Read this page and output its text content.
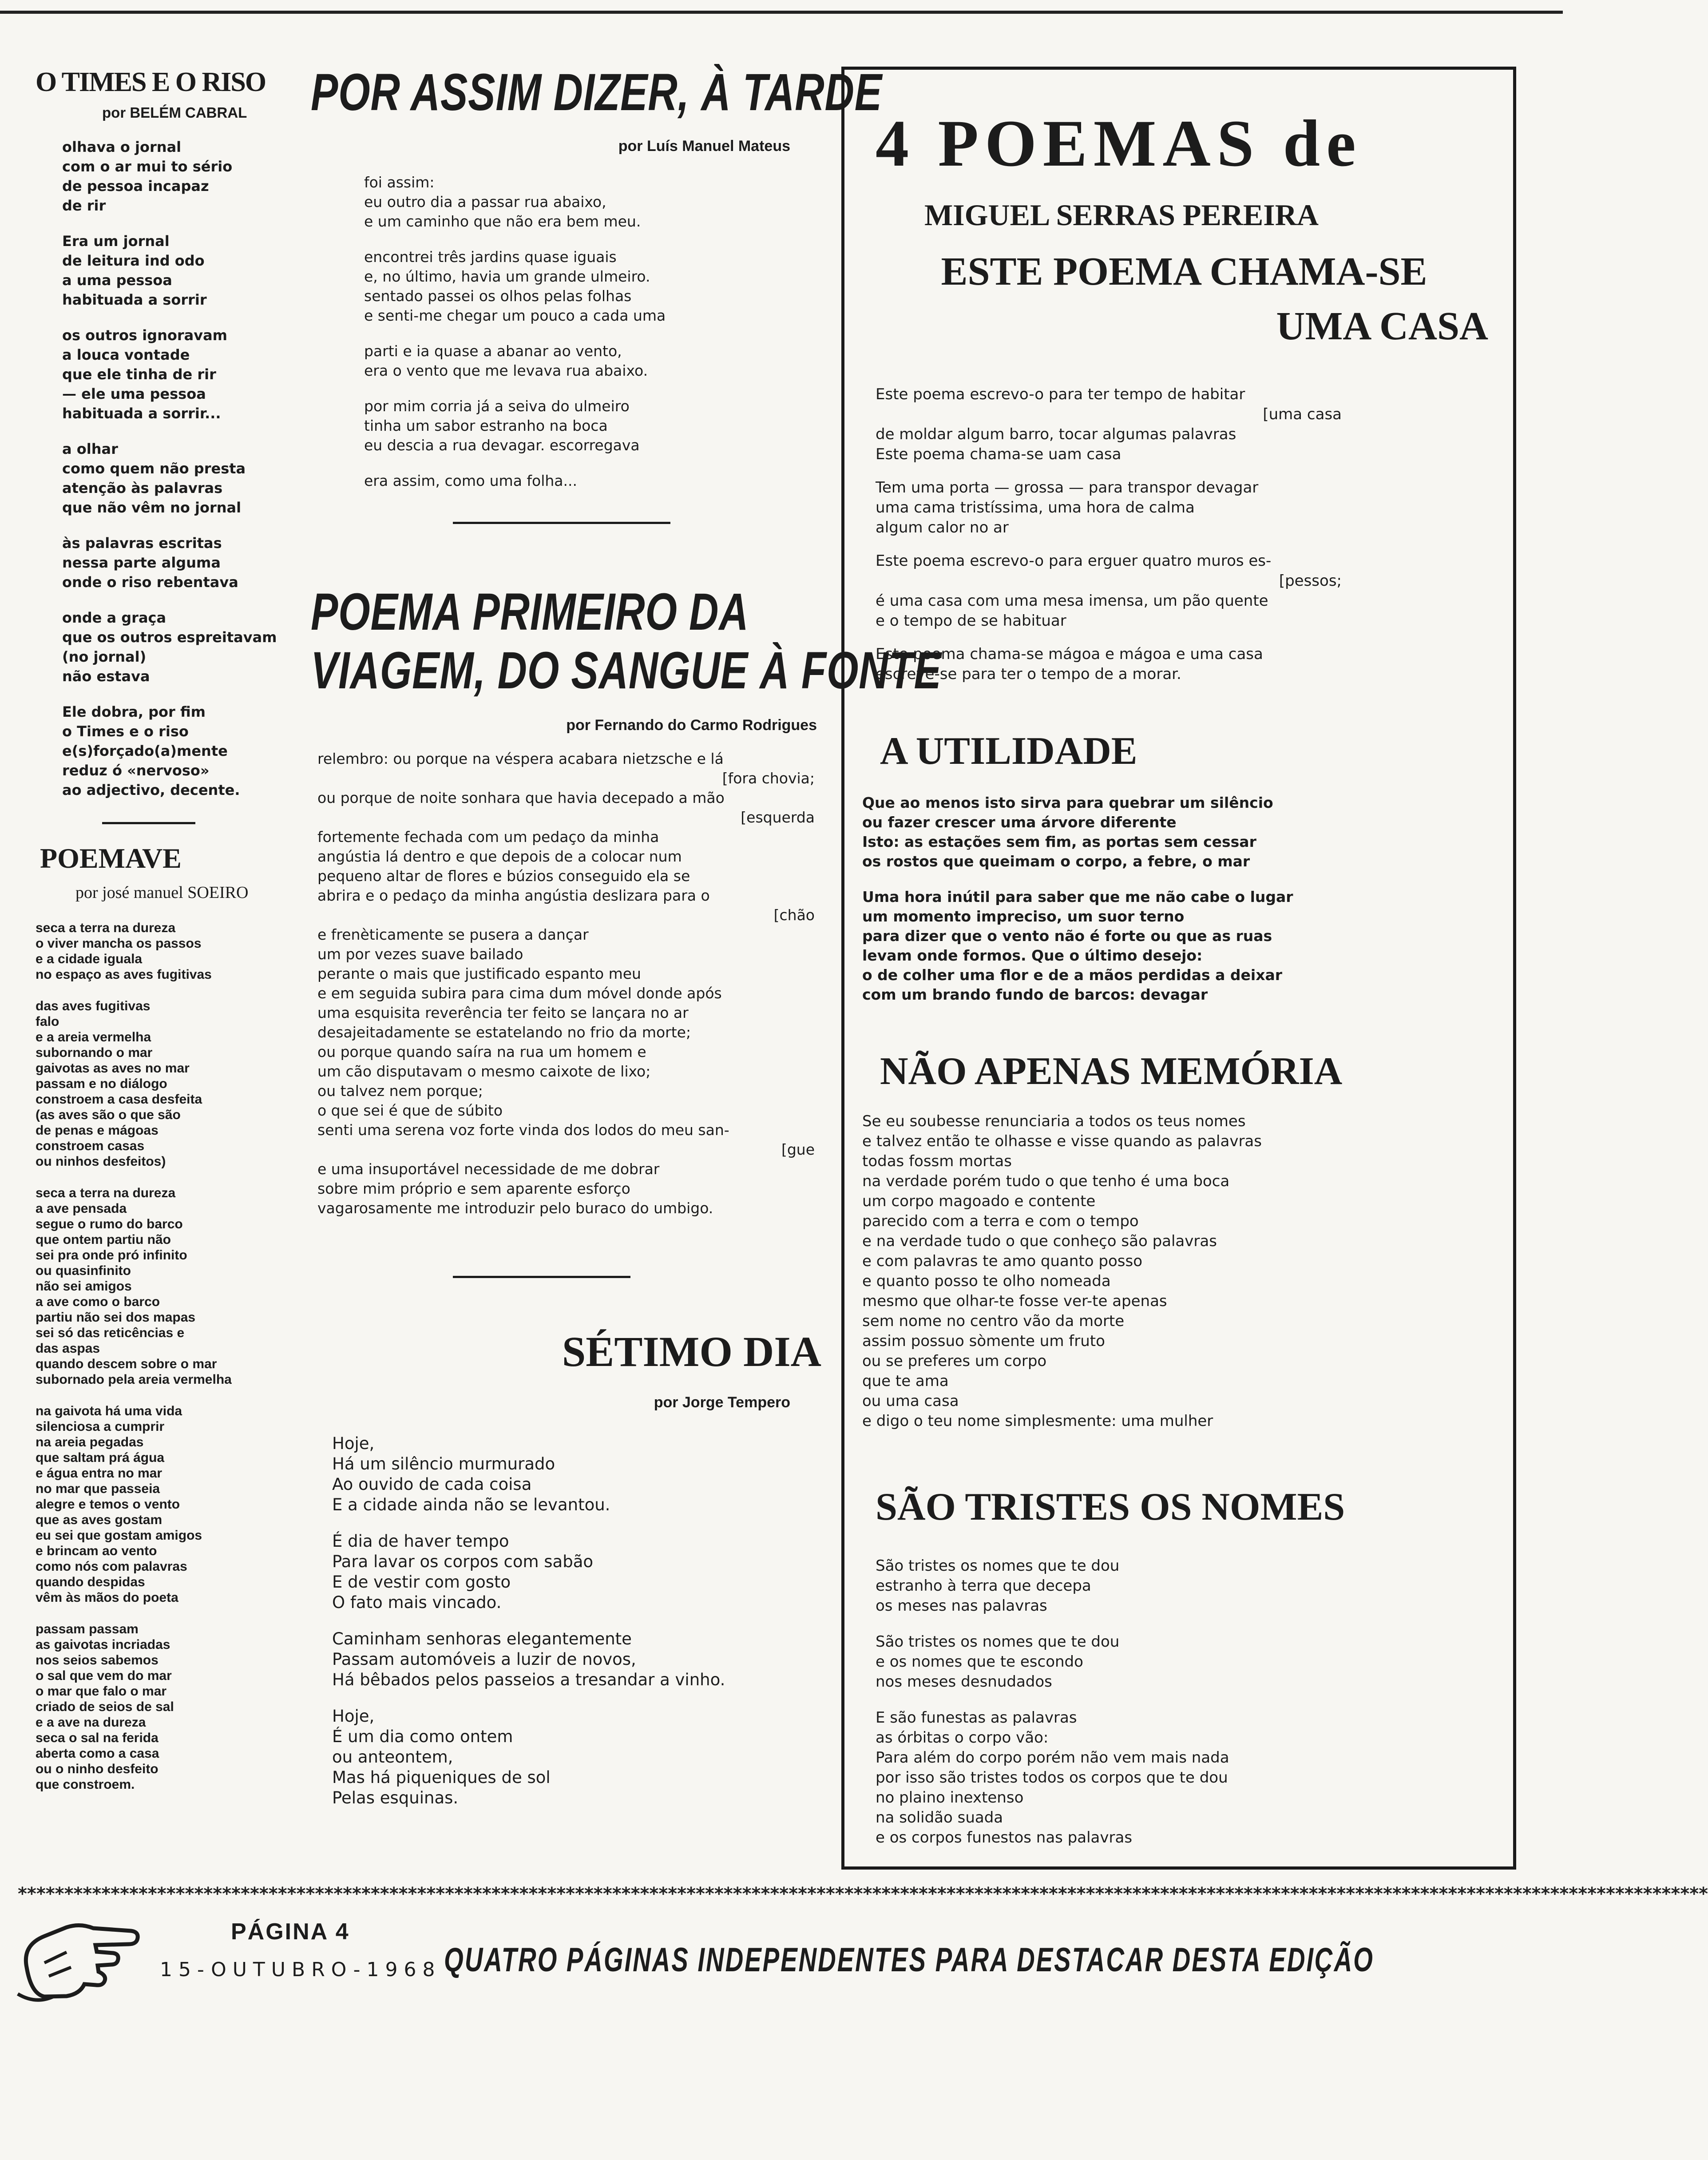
O TIMES E O RISO

por BELÉM CABRAL

olhava o jornal
com o ar mui to sério
de pessoa incapaz
de rir
Era um jornal
de leitura ind odo
a uma pessoa
habituada a sorrir
os outros ignoravam
a louca vontade
que ele tinha de rir
— ele uma pessoa
habituada a sorrir...
a olhar
como quem não presta
atenção às palavras
que não vêm no jornal
às palavras escritas
nessa parte alguma
onde o riso rebentava
onde a graça
que os outros espreitavam
(no jornal)
não estava
Ele dobra, por fim
o Times e o riso
e(s)forçado(a)mente
reduz ó «nervoso»
ao adjectivo, decente.
POEMAVE

por josé manuel SOEIRO

seca a terra na dureza
o viver mancha os passos
e a cidade iguala
no espaço as aves fugitivas
das aves fugitivas
falo
e a areia vermelha
subornando o mar
gaivotas as aves no mar
passam e no diálogo
constroem a casa desfeita
(as aves são o que são
de penas e mágoas
constroem casas
ou ninhos desfeitos)
seca a terra na dureza
a ave pensada
segue o rumo do barco
que ontem partiu não
sei pra onde pró infinito
ou quasinfinito
não sei amigos
a ave como o barco
partiu não sei dos mapas
sei só das reticências e
das aspas
quando descem sobre o mar
subornado pela areia vermelha
na gaivota há uma vida
silenciosa a cumprir
na areia pegadas
que saltam prá água
e água entra no mar
no mar que passeia
alegre e temos o vento
que as aves gostam
eu sei que gostam amigos
e brincam ao vento
como nós com palavras
quando despidas
vêm às mãos do poeta
passam passam
as gaivotas incriadas
nos seios sabemos
o sal que vem do mar
o mar que falo o mar
criado de seios de sal
e a ave na dureza
seca o sal na ferida
aberta como a casa
ou o ninho desfeito
que constroem.
POR ASSIM DIZER, À TARDE

por Luís Manuel Mateus

foi assim:
eu outro dia a passar rua abaixo,
e um caminho que não era bem meu.
encontrei três jardins quase iguais
e, no último, havia um grande ulmeiro.
sentado passei os olhos pelas folhas
e senti-me chegar um pouco a cada uma
parti e ia quase a abanar ao vento,
era o vento que me levava rua abaixo.
por mim corria já a seiva do ulmeiro
tinha um sabor estranho na boca
eu descia a rua devagar. escorregava
era assim, como uma folha...
POEMA PRIMEIRO DA
VIAGEM, DO SANGUE À FONTE

por Fernando do Carmo Rodrigues

relembro: ou porque na véspera acabara nietzsche e lá
[fora chovia;
ou porque de noite sonhara que havia decepado a mão
[esquerda
fortemente fechada com um pedaço da minha
angústia lá dentro e que depois de a colocar num
pequeno altar de flores e búzios conseguido ela se
abrira e o pedaço da minha angústia deslizara para o
[chão
e frenèticamente se pusera a dançar
um por vezes suave bailado
perante o mais que justificado espanto meu
e em seguida subira para cima dum móvel donde após
uma esquisita reverência ter feito se lançara no ar
desajeitadamente se estatelando no frio da morte;
ou porque quando saíra na rua um homem e
um cão disputavam o mesmo caixote de lixo;
ou talvez nem porque;
o que sei é que de súbito
senti uma serena voz forte vinda dos lodos do meu san-
[gue
e uma insuportável necessidade de me dobrar
sobre mim próprio e sem aparente esforço
vagarosamente me introduzir pelo buraco do umbigo.
SÉTIMO DIA

por Jorge Tempero

Hoje,
Há um silêncio murmurado
Ao ouvido de cada coisa
E a cidade ainda não se levantou.
É dia de haver tempo
Para lavar os corpos com sabão
E de vestir com gosto
O fato mais vincado.
Caminham senhoras elegantemente
Passam automóveis a luzir de novos,
Há bêbados pelos passeios a tresandar a vinho.
Hoje,
É um dia como ontem
ou anteontem,
Mas há piqueniques de sol
Pelas esquinas.
4 POEMAS de
MIGUEL SERRAS PEREIRA
ESTE POEMA CHAMA-SE
UMA CASA
Este poema escrevo-o para ter tempo de habitar
[uma casa
de moldar algum barro, tocar algumas palavras
Este poema chama-se uam casa
Tem uma porta — grossa — para transpor devagar
uma cama tristíssima, uma hora de calma
algum calor no ar
Este poema escrevo-o para erguer quatro muros es-
[pessos;
é uma casa com uma mesa imensa, um pão quente
e o tempo de se habituar
Este poema chama-se mágoa e mágoa e uma casa
escreve-se para ter o tempo de a morar.
A UTILIDADE
Que ao menos isto sirva para quebrar um silêncio
ou fazer crescer uma árvore diferente
Isto: as estações sem fim, as portas sem cessar
os rostos que queimam o corpo, a febre, o mar
Uma hora inútil para saber que me não cabe o lugar
um momento impreciso, um suor terno
para dizer que o vento não é forte ou que as ruas
levam onde formos. Que o último desejo:
o de colher uma flor e de a mãos perdidas a deixar
com um brando fundo de barcos: devagar
NÃO APENAS MEMÓRIA
Se eu soubesse renunciaria a todos os teus nomes
e talvez então te olhasse e visse quando as palavras
todas fossm mortas
na verdade porém tudo o que tenho é uma boca
um corpo magoado e contente
parecido com a terra e com o tempo
e na verdade tudo o que conheço são palavras
e com palavras te amo quanto posso
e quanto posso te olho nomeada
mesmo que olhar-te fosse ver-te apenas
sem nome no centro vão da morte
assim possuo sòmente um fruto
ou se preferes um corpo
que te ama
ou uma casa
e digo o teu nome simplesmente: uma mulher
SÃO TRISTES OS NOMES
São tristes os nomes que te dou
estranho à terra que decepa
os meses nas palavras
São tristes os nomes que te dou
e os nomes que te escondo
nos meses desnudados
E são funestas as palavras
as órbitas o corpo vão:
Para além do corpo porém não vem mais nada
por isso são tristes todos os corpos que te dou
no plaino inextenso
na solidão suada
e os corpos funestos nas palavras
**************************************************************************************************************************************************************************************
PÁGINA 4
15-OUTUBRO-1968 QUATRO PÁGINAS INDEPENDENTES PARA DESTACAR DESTA EDIÇÃO
